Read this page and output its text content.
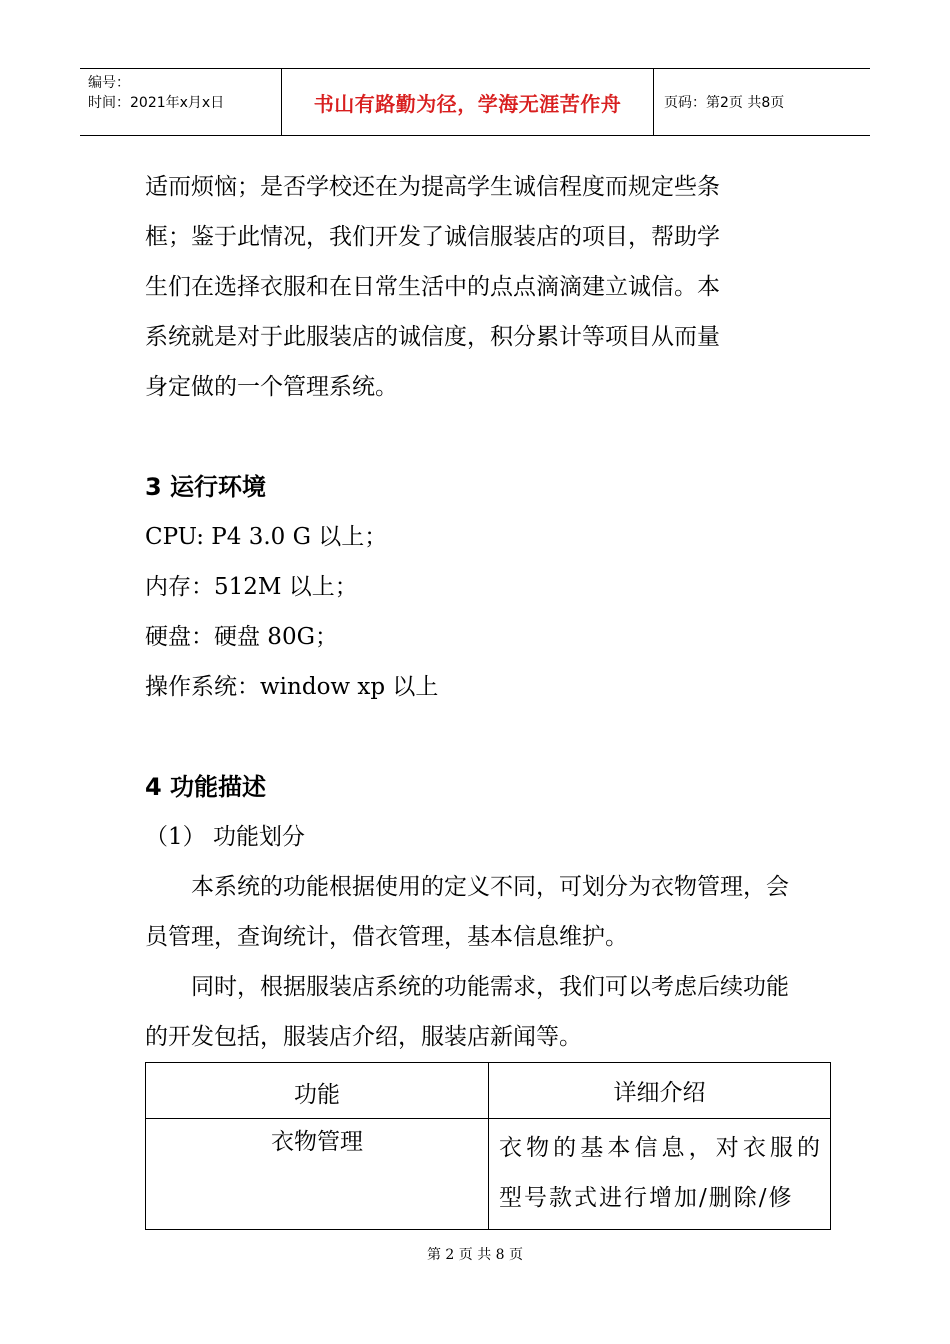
编号：
时间：2021年x月x日	书山有路勤为径，学海无涯苦作舟	页码：第2页 共8页

适而烦恼；是否学校还在为提高学生诚信程度而规定些条

框；鉴于此情况，我们开发了诚信服装店的项目，帮助学

生们在选择衣服和在日常生活中的点点滴滴建立诚信。本

系统就是对于此服装店的诚信度，积分累计等项目从而量

身定做的一个管理系统。

3 运行环境

CPU: P4 3.0 G 以上；

内存：512M 以上；

硬盘：硬盘 80G；

操作系统：window xp 以上

4 功能描述

（1） 功能划分

本系统的功能根据使用的定义不同，可划分为衣物管理，会员管理，查询统计，借衣管理，基本信息维护。

同时，根据服装店系统的功能需求，我们可以考虑后续功能的开发包括，服装店介绍，服装店新闻等。

功能	详细介绍
衣物管理	衣物的基本信息，对衣服的型号款式进行增加/删除/修
第 2 页 共 8 页
